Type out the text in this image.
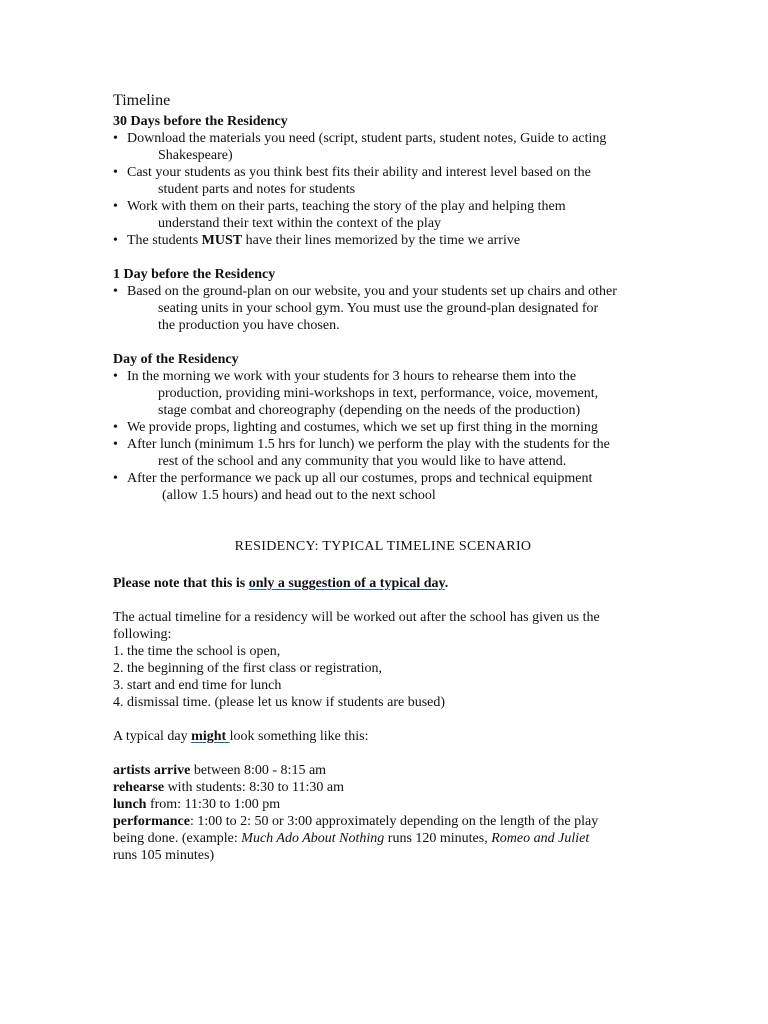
Timeline
30 Days before the Residency
• Download the materials you need (script, student parts, student notes, Guide to acting
Shakespeare)
• Cast your students as you think best fits their ability and interest level based on the
student parts and notes for students
• Work with them on their parts, teaching the story of the play and helping them
understand their text within the context of the play
• The students MUST have their lines memorized by the time we arrive
1 Day before the Residency
• Based on the ground-plan on our website, you and your students set up chairs and other
seating units in your school gym. You must use the ground-plan designated for
the production you have chosen.
Day of the Residency
• In the morning we work with your students for 3 hours to rehearse them into the
production, providing mini-workshops in text, performance, voice, movement,
stage combat and choreography (depending on the needs of the production)
• We provide props, lighting and costumes, which we set up first thing in the morning
• After lunch (minimum 1.5 hrs for lunch) we perform the play with the students for the
rest of the school and any community that you would like to have attend.
• After the performance we pack up all our costumes, props and technical equipment
(allow 1.5 hours) and head out to the next school
RESIDENCY: TYPICAL TIMELINE SCENARIO

Please note that this is only a suggestion of a typical day.

The actual timeline for a residency will be worked out after the school has given us the

following:

1. the time the school is open,

2. the beginning of the first class or registration,

3. start and end time for lunch

4. dismissal time. (please let us know if students are bused)

A typical day might look something like this:

artists arrive between 8:00 - 8:15 am

rehearse with students: 8:30 to 11:30 am

lunch from: 11:30 to 1:00 pm

performance: 1:00 to 2: 50 or 3:00 approximately depending on the length of the play

being done. (example: Much Ado About Nothing runs 120 minutes, Romeo and Juliet

runs 105 minutes)
